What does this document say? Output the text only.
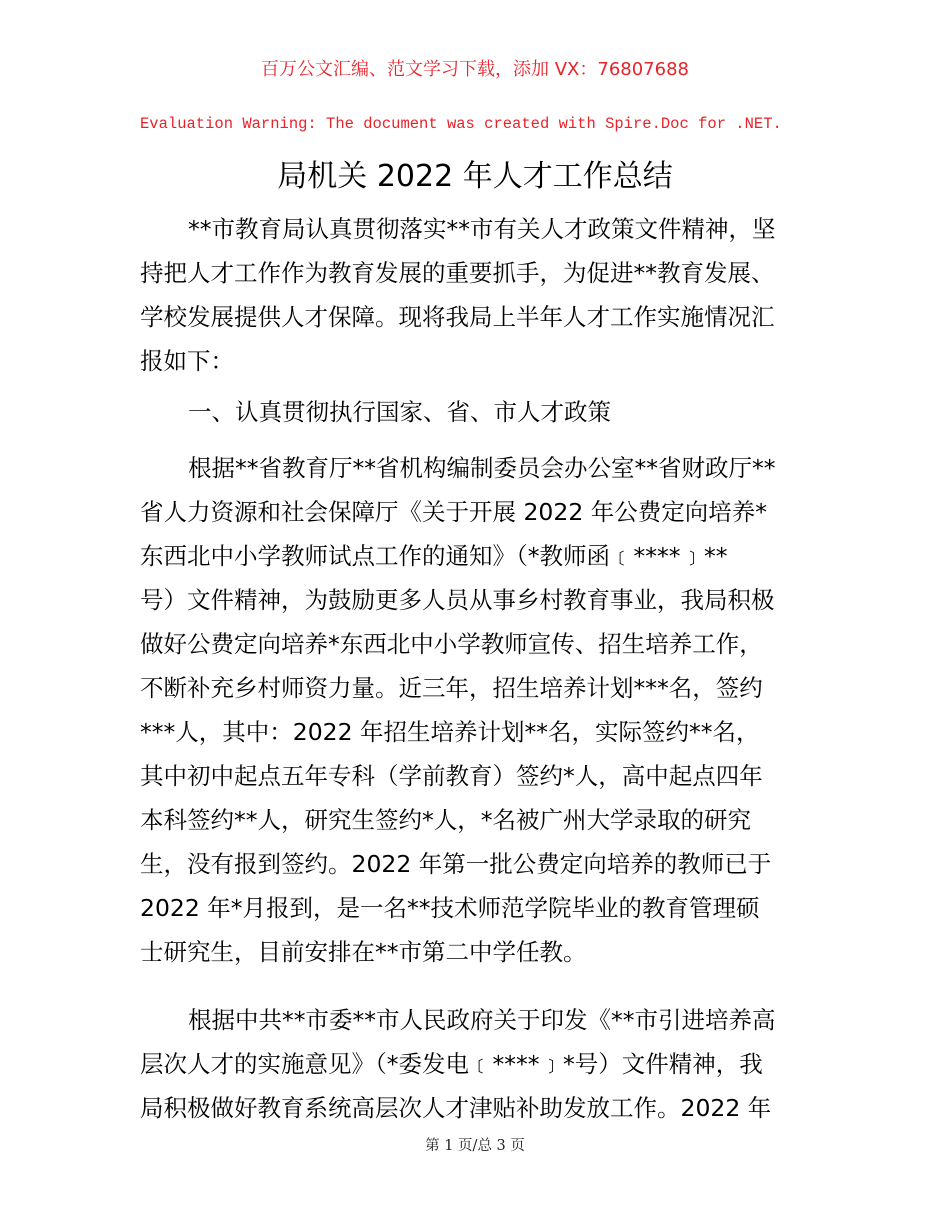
百万公文汇编、范文学习下载，添加 VX：76807688
Evaluation Warning: The document was created with Spire.Doc for .NET.
局机关 2022 年人才工作总结
**市教育局认真贯彻落实**市有关人才政策文件精神，坚
持把人才工作作为教育发展的重要抓手，为促进**教育发展、
学校发展提供人才保障。现将我局上半年人才工作实施情况汇
报如下：
一、认真贯彻执行国家、省、市人才政策
根据**省教育厅**省机构编制委员会办公室**省财政厅**
省人力资源和社会保障厅《关于开展 2022 年公费定向培养*
东西北中小学教师试点工作的通知》（*教师函﹝****﹞**
号）文件精神，为鼓励更多人员从事乡村教育事业，我局积极
做好公费定向培养*东西北中小学教师宣传、招生培养工作，
不断补充乡村师资力量。近三年，招生培养计划***名，签约
***人，其中：2022 年招生培养计划**名，实际签约**名，
其中初中起点五年专科（学前教育）签约*人，高中起点四年
本科签约**人，研究生签约*人，*名被广州大学录取的研究
生，没有报到签约。2022 年第一批公费定向培养的教师已于
2022 年*月报到，是一名**技术师范学院毕业的教育管理硕
士研究生，目前安排在**市第二中学任教。
根据中共**市委**市人民政府关于印发《**市引进培养高
层次人才的实施意见》（*委发电﹝****﹞*号）文件精神，我
局积极做好教育系统高层次人才津贴补助发放工作。2022 年
第 1 页/总 3 页
